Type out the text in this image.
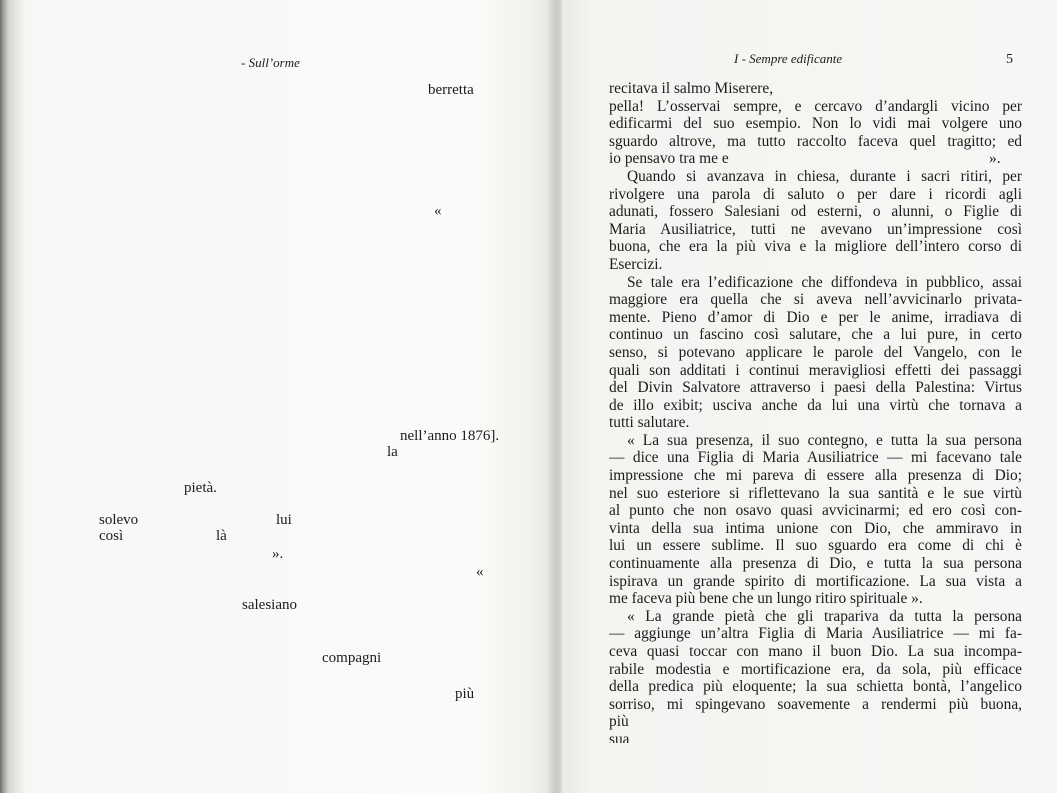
- Sull’orme
berretta
«
nell’anno 1876].
la
pietà.
solevo	lui
così	là
».
«
salesiano
compagni
più
I - Sempre edificante	5
recitava il salmo Miserere,
pella! L’osservai sempre, e cercavo d’andargli vicino per
edificarmi del suo esempio. Non lo vidi mai volgere uno
sguardo altrove, ma tutto raccolto faceva quel tragitto; ed
io pensavo tra me e	».
Quando si avanzava in chiesa, durante i sacri ritiri, per
rivolgere una parola di saluto o per dare i ricordi agli
adunati, fossero Salesiani od esterni, o alunni, o Figlie di
Maria Ausiliatrice, tutti ne avevano un’impressione così
buona, che era la più viva e la migliore dell’intero corso di
Esercizi.
Se tale era l’edificazione che diffondeva in pubblico, assai
maggiore era quella che si aveva nell’avvicinarlo privata-
mente. Pieno d’amor di Dio e per le anime, irradiava di
continuo un fascino così salutare, che a lui pure, in certo
senso, si potevano applicare le parole del Vangelo, con le
quali son additati i continui meravigliosi effetti dei passaggi
del Divin Salvatore attraverso i paesi della Palestina: Virtus
de illo exibit; usciva anche da lui una virtù che tornava a
tutti salutare.
« La sua presenza, il suo contegno, e tutta la sua persona
— dice una Figlia di Maria Ausiliatrice — mi facevano tale
impressione che mi pareva di essere alla presenza di Dio;
nel suo esteriore si riflettevano la sua santità e le sue virtù
al punto che non osavo quasi avvicinarmi; ed ero così con-
vinta della sua intima unione con Dio, che ammiravo in
lui un essere sublime. Il suo sguardo era come di chi è
continuamente alla presenza di Dio, e tutta la sua persona
ispirava un grande spirito di mortificazione. La sua vista a
me faceva più bene che un lungo ritiro spirituale ».
« La grande pietà che gli trapariva da tutta la persona
— aggiunge un’altra Figlia di Maria Ausiliatrice — mi fa-
ceva quasi toccar con mano il buon Dio. La sua incompa-
rabile modestia e mortificazione era, da sola, più efficace
della predica più eloquente; la sua schietta bontà, l’angelico
sorriso, mi spingevano soavemente a rendermi più buona,
più
sua
